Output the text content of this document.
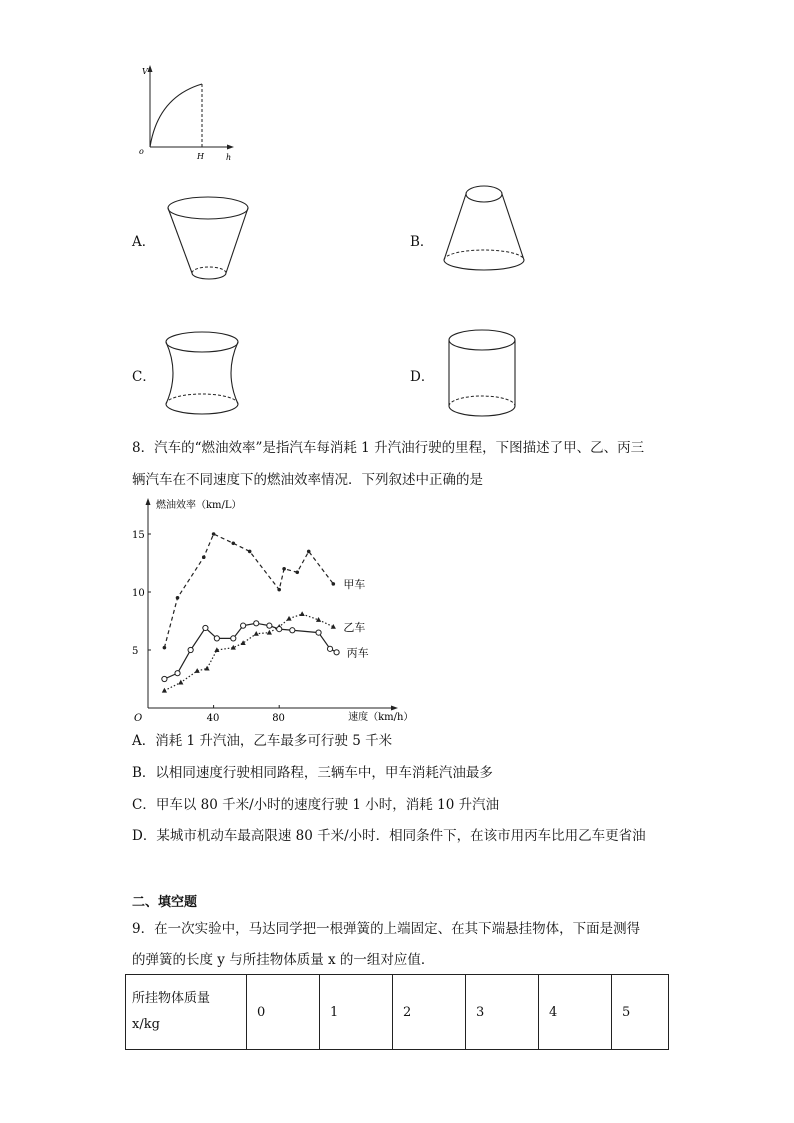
V
o
h
H
A．	B．
C．	D．
8．汽车的“燃油效率”是指汽车每消耗 1 升汽油行驶的里程，下图描述了甲、乙、丙三
辆汽车在不同速度下的燃油效率情况．下列叙述中正确的是
5
10
15
40	80
O
燃油效率（km/L）
速度（km/h）
甲车
乙车
丙车
A．消耗 1 升汽油，乙车最多可行驶 5 千米
B．以相同速度行驶相同路程，三辆车中，甲车消耗汽油最多
C．甲车以 80 千米/小时的速度行驶 1 小时，消耗 10 升汽油
D．某城市机动车最高限速 80 千米/小时．相同条件下，在该市用丙车比用乙车更省油
二、填空题
9．在一次实验中，马达同学把一根弹簧的上端固定、在其下端悬挂物体，下面是测得
的弹簧的长度 y 与所挂物体质量 x 的一组对应值．
所挂物体质量
x/kg
	0	1	2	3	4	5
